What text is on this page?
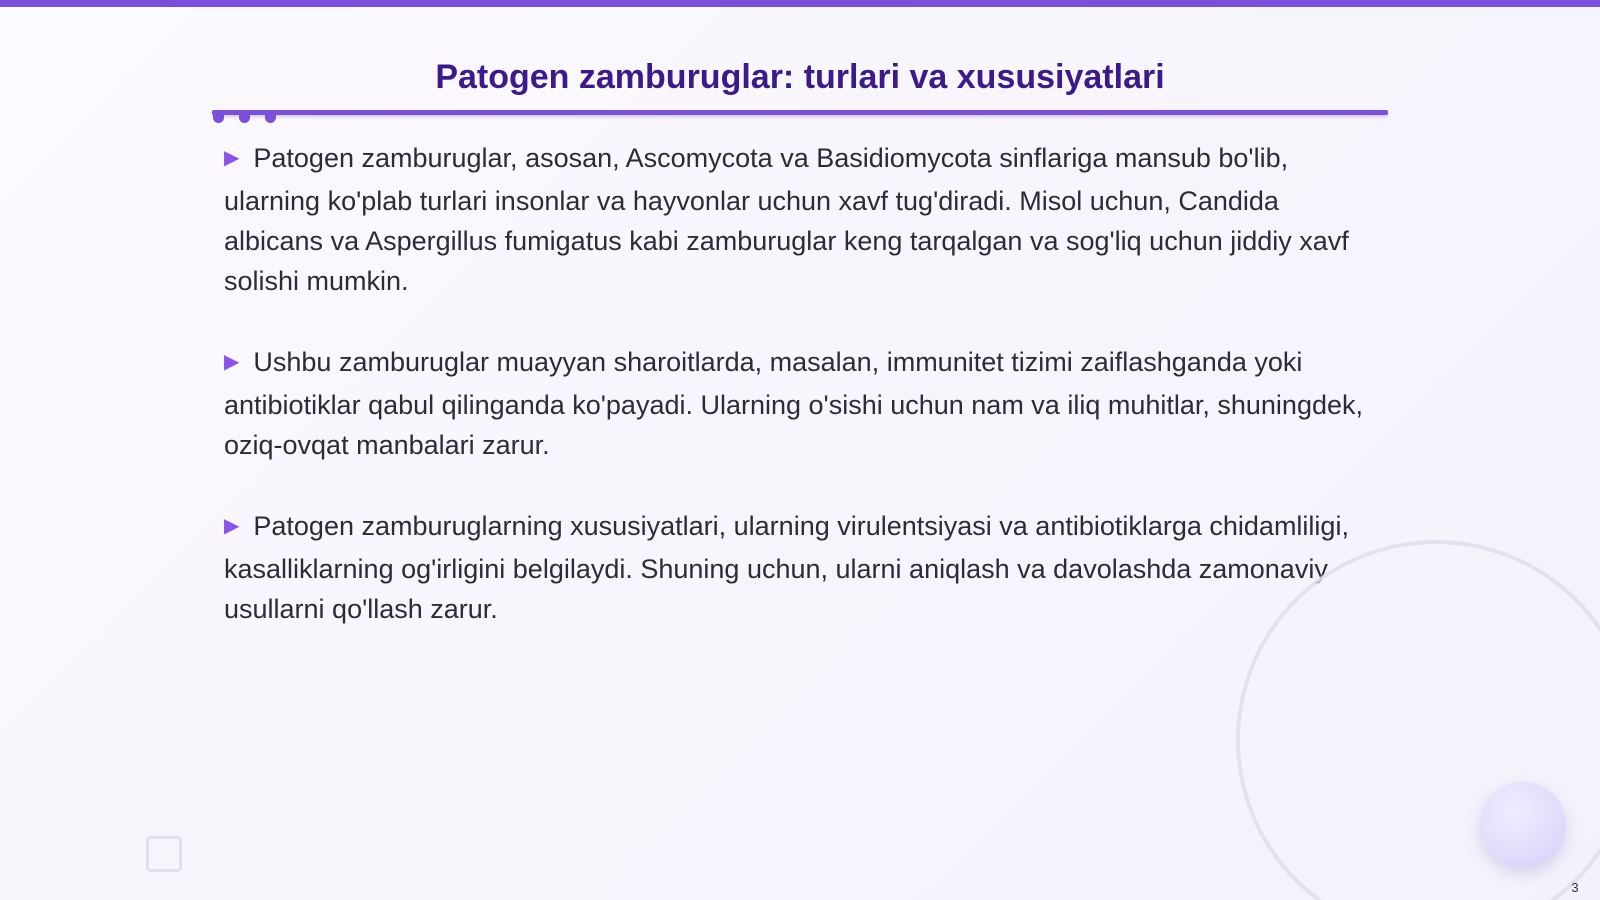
Patogen zamburuglar: turlari va xususiyatlari

▶ Patogen zamburuglar, asosan, Ascomycota va Basidiomycota sinflariga mansub bo'lib, ularning ko'plab turlari insonlar va hayvonlar uchun xavf tug'diradi. Misol uchun, Candida albicans va Aspergillus fumigatus kabi zamburuglar keng tarqalgan va sog'liq uchun jiddiy xavf solishi mumkin.

▶ Ushbu zamburuglar muayyan sharoitlarda, masalan, immunitet tizimi zaiflashganda yoki antibiotiklar qabul qilinganda ko'payadi. Ularning o'sishi uchun nam va iliq muhitlar, shuningdek, oziq-ovqat manbalari zarur.

▶ Patogen zamburuglarning xususiyatlari, ularning virulentsiyasi va antibiotiklarga chidamliligi, kasalliklarning og'irligini belgilaydi. Shuning uchun, ularni aniqlash va davolashda zamonaviy usullarni qo'llash zarur.

3
